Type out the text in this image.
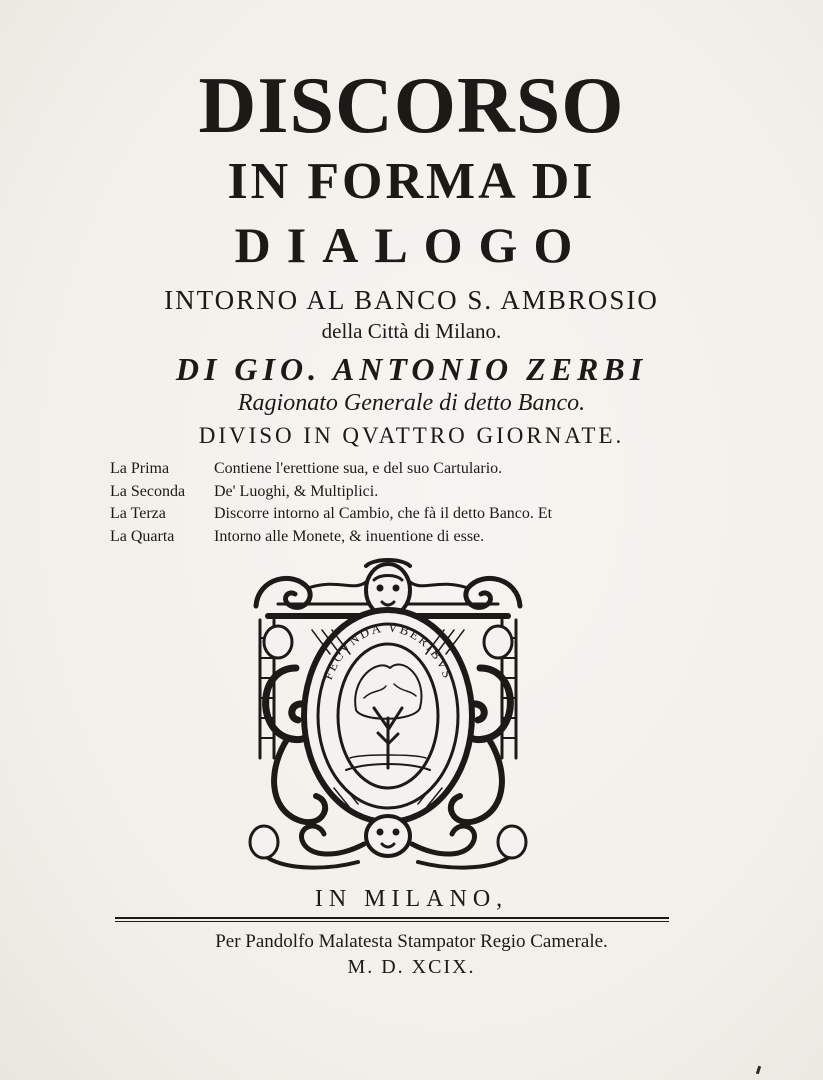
DISCORSO
IN FORMA DI
DIALOGO
INTORNO AL BANCO S. AMBROSIO
della Città di Milano.
DI GIO. ANTONIO ZERBI
Ragionato Generale di detto Banco.
DIVISO IN QVATTRO GIORNATE.
La Prima	Contiene l'erettione sua, e del suo Cartulario.
La Seconda	De' Luoghi, & Multiplici.
La Terza	Discorre intorno al Cambio, che fà il detto Banco. Et
La Quarta	Intorno alle Monete, & inuentione di esse.
FECVNDA VBERIBVS
IN MILANO,
Per Pandolfo Malatesta Stampator Regio Camerale.
M. D. XCIX.
